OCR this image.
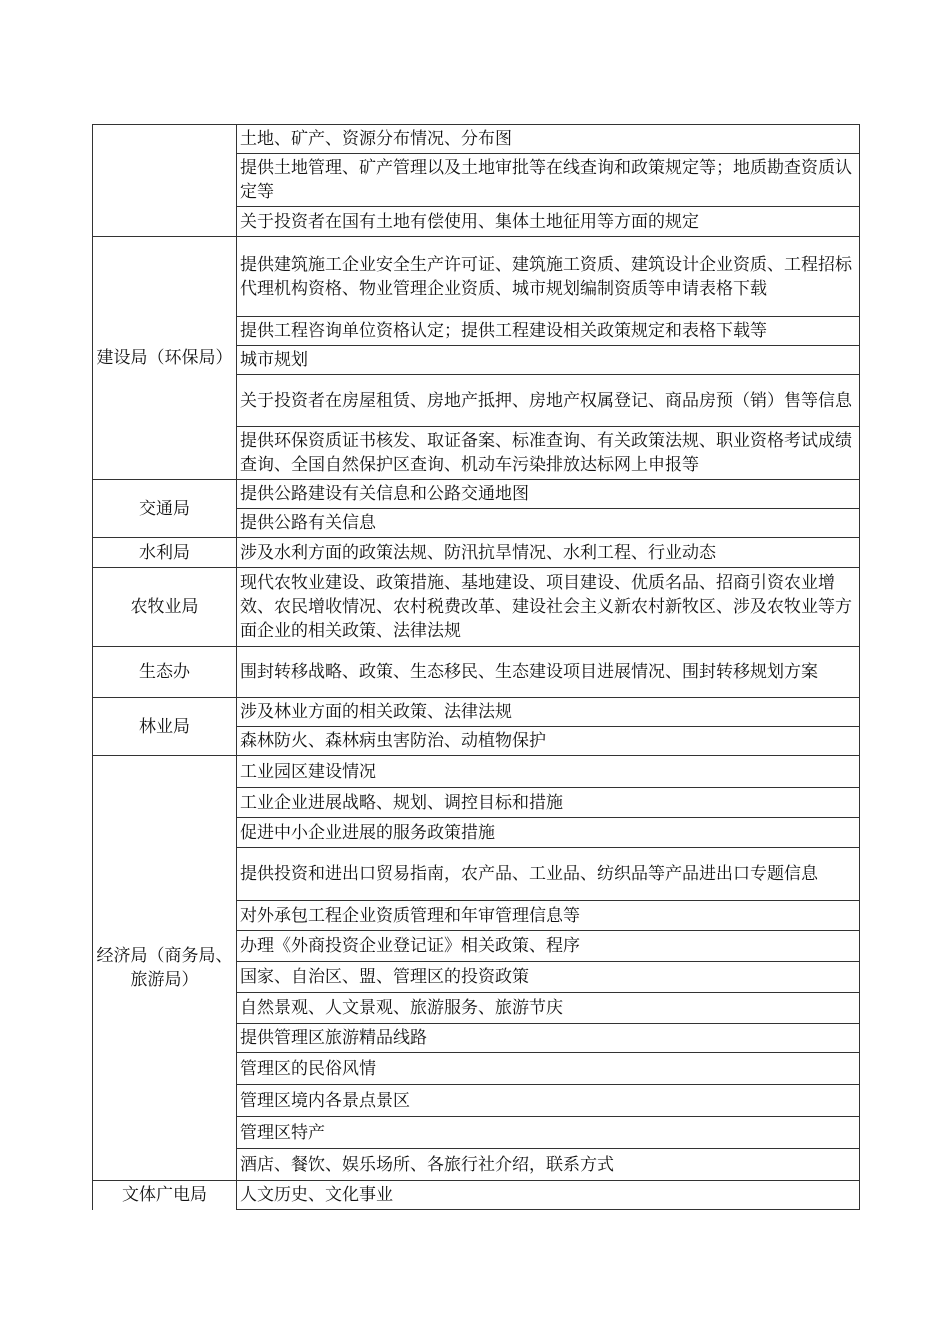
	土地、矿产、资源分布情况、分布图
	提供土地管理、矿产管理以及土地审批等在线查询和政策规定等；地质勘查资质认定等
	关于投资者在国有土地有偿使用、集体土地征用等方面的规定
建设局（环保局）	提供建筑施工企业安全生产许可证、建筑施工资质、建筑设计企业资质、工程招标代理机构资格、物业管理企业资质、城市规划编制资质等申请表格下载
	提供工程咨询单位资格认定；提供工程建设相关政策规定和表格下载等
	城市规划
	关于投资者在房屋租赁、房地产抵押、房地产权属登记、商品房预（销）售等信息
	提供环保资质证书核发、取证备案、标准查询、有关政策法规、职业资格考试成绩查询、全国自然保护区查询、机动车污染排放达标网上申报等
交通局	提供公路建设有关信息和公路交通地图
	提供公路有关信息
水利局	涉及水利方面的政策法规、防汛抗旱情况、水利工程、行业动态
农牧业局	现代农牧业建设、政策措施、基地建设、项目建设、优质名品、招商引资农业增效、农民增收情况、农村税费改革、建设社会主义新农村新牧区、涉及农牧业等方面企业的相关政策、法律法规
生态办	围封转移战略、政策、生态移民、生态建设项目进展情况、围封转移规划方案
林业局	涉及林业方面的相关政策、法律法规
	森林防火、森林病虫害防治、动植物保护
经济局（商务局、旅游局）	工业园区建设情况
	工业企业进展战略、规划、调控目标和措施
	促进中小企业进展的服务政策措施
	提供投资和进出口贸易指南，农产品、工业品、纺织品等产品进出口专题信息
	对外承包工程企业资质管理和年审管理信息等
	办理《外商投资企业登记证》相关政策、程序
	国家、自治区、盟、管理区的投资政策
	自然景观、人文景观、旅游服务、旅游节庆
	提供管理区旅游精品线路
	管理区的民俗风情
	管理区境内各景点景区
	管理区特产
	酒店、餐饮、娱乐场所、各旅行社介绍，联系方式
文体广电局	人文历史、文化事业
